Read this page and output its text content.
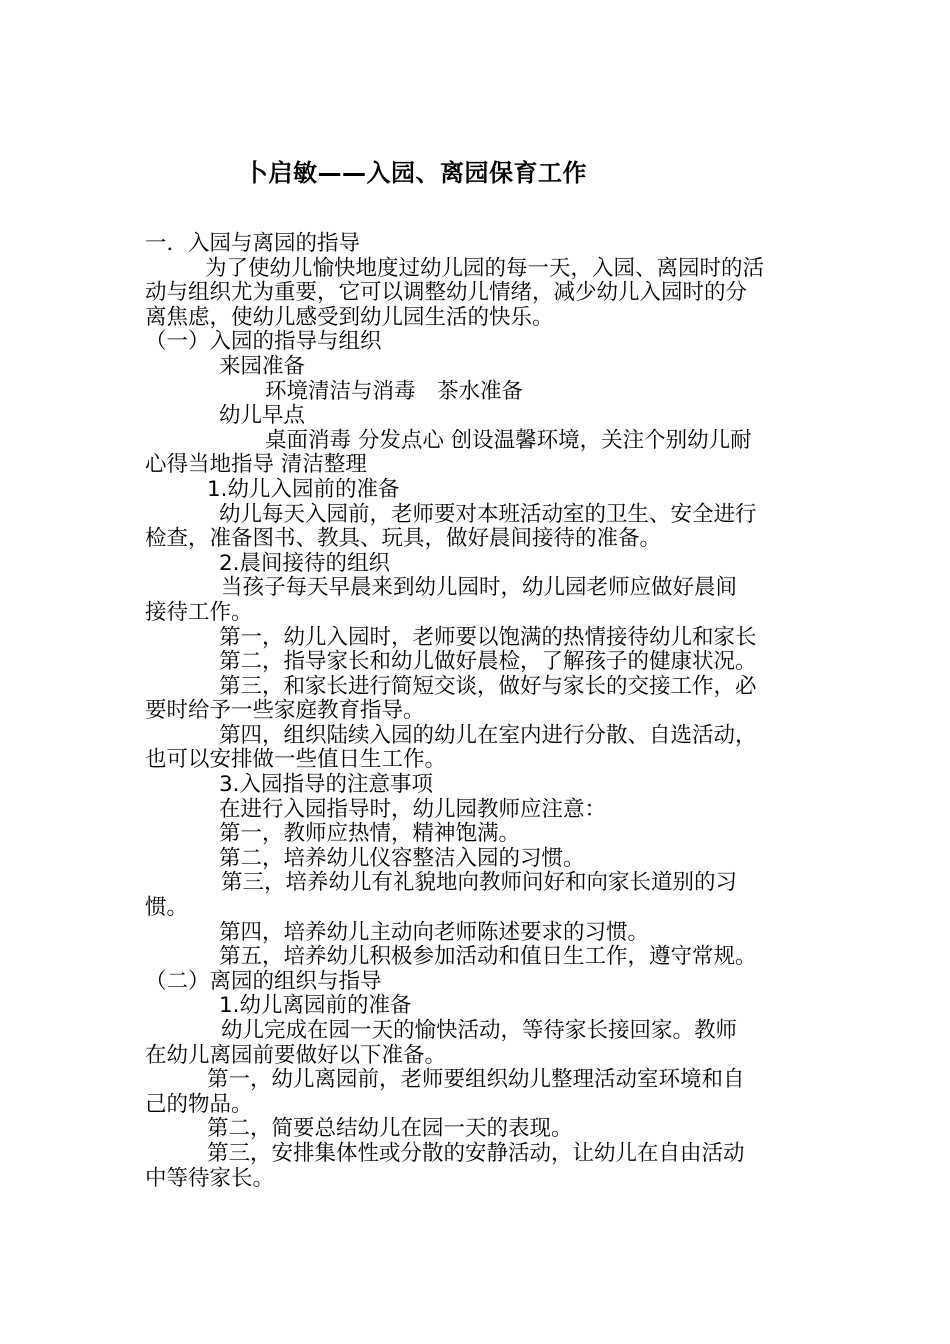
卜启敏——入园、离园保育工作
一．入园与离园的指导
为了使幼儿愉快地度过幼儿园的每一天，入园、离园时的活
动与组织尤为重要，它可以调整幼儿情绪，减少幼儿入园时的分
离焦虑，使幼儿感受到幼儿园生活的快乐。
（一）入园的指导与组织
来园准备
环境清洁与消毒　茶水准备
幼儿早点
桌面消毒 分发点心 创设温馨环境，关注个别幼儿耐
心得当地指导 清洁整理
1.幼儿入园前的准备
幼儿每天入园前，老师要对本班活动室的卫生、安全进行
检查，准备图书、教具、玩具，做好晨间接待的准备。
2.晨间接待的组织
当孩子每天早晨来到幼儿园时，幼儿园老师应做好晨间
接待工作。
第一，幼儿入园时，老师要以饱满的热情接待幼儿和家长
第二，指导家长和幼儿做好晨检，了解孩子的健康状况。
第三，和家长进行简短交谈，做好与家长的交接工作，必
要时给予一些家庭教育指导。
第四，组织陆续入园的幼儿在室内进行分散、自选活动，
也可以安排做一些值日生工作。
3.入园指导的注意事项
在进行入园指导时，幼儿园教师应注意：
第一，教师应热情，精神饱满。
第二，培养幼儿仪容整洁入园的习惯。
第三，培养幼儿有礼貌地向教师问好和向家长道别的习
惯。
第四，培养幼儿主动向老师陈述要求的习惯。
第五，培养幼儿积极参加活动和值日生工作，遵守常规。
（二）离园的组织与指导
1.幼儿离园前的准备
幼儿完成在园一天的愉快活动，等待家长接回家。教师
在幼儿离园前要做好以下准备。
第一，幼儿离园前，老师要组织幼儿整理活动室环境和自
己的物品。
第二，简要总结幼儿在园一天的表现。
第三，安排集体性或分散的安静活动，让幼儿在自由活动
中等待家长。
